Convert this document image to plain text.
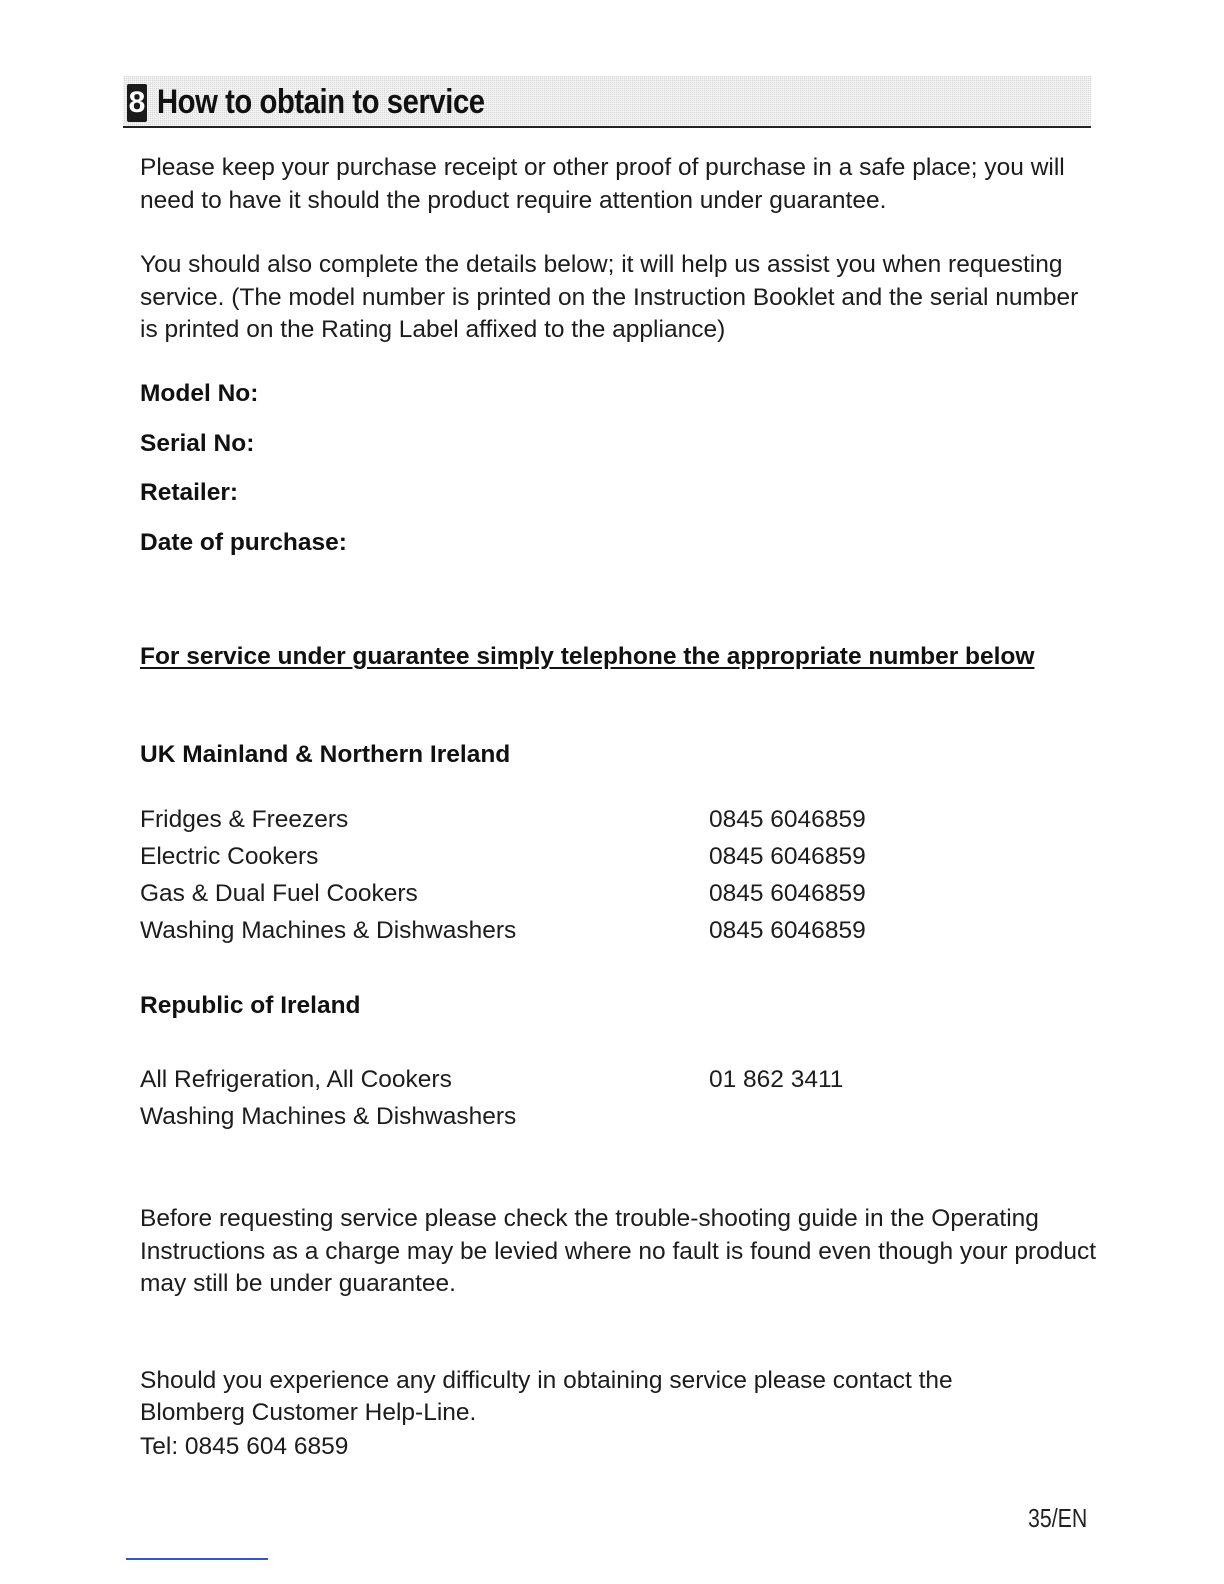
8 How to obtain to service

Please keep your purchase receipt or other proof of purchase in a safe place; you will need to have it should the product require attention under guarantee.

You should also complete the details below; it will help us assist you when requesting service. (The model number is printed on the Instruction Booklet and the serial number is printed on the Rating Label affixed to the appliance)

Model No:

Serial No:

Retailer:

Date of purchase:

For service under guarantee simply telephone the appropriate number below

UK Mainland & Northern Ireland

Fridges & Freezers	0845 6046859
Electric Cookers	0845 6046859
Gas & Dual Fuel Cookers	0845 6046859
Washing Machines & Dishwashers	0845 6046859

Republic of Ireland

All Refrigeration, All Cookers	01 862 3411
Washing Machines & Dishwashers

Before requesting service please check the trouble-shooting guide in the Operating Instructions as a charge may be levied where no fault is found even though your product may still be under guarantee.

Should you experience any difficulty in obtaining service please contact the

Blomberg Customer Help-Line.

Tel: 0845 604 6859

35/EN
